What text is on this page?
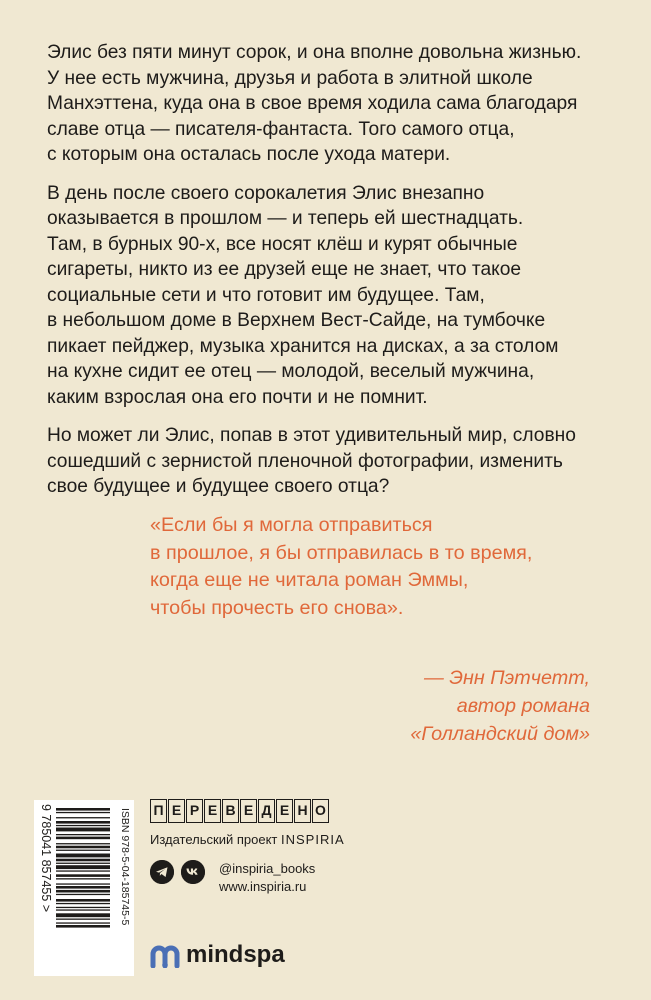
Элис без пяти минут сорок, и она вполне довольна жизнью.
У нее есть мужчина, друзья и работа в элитной школе
Манхэттена, куда она в свое время ходила сама благодаря
славе отца — писателя-фантаста. Того самого отца,
с которым она осталась после ухода матери.

В день после своего сорокалетия Элис внезапно
оказывается в прошлом — и теперь ей шестнадцать.
Там, в бурных 90-х, все носят клёш и курят обычные
сигареты, никто из ее друзей еще не знает, что такое
социальные сети и что готовит им будущее. Там,
в небольшом доме в Верхнем Вест-Сайде, на тумбочке
пикает пейджер, музыка хранится на дисках, а за столом
на кухне сидит ее отец — молодой, веселый мужчина,
каким взрослая она его почти и не помнит.

Но может ли Элис, попав в этот удивительный мир, словно
сошедший с зернистой пленочной фотографии, изменить
свое будущее и будущее своего отца?

«Если бы я могла отправиться
в прошлое, я бы отправилась в то время,
когда еще не читала роман Эммы,
чтобы прочесть его снова».

— Энн Пэтчетт,
автор романа
«Голландский дом»
ISBN 978-5-04-185745-5
9 785041 857455 >	П Е Р Е В Е Д Е Н О
Издательский проект INSPIRIA
@inspiria_books
www.inspiria.ru
mindspa
